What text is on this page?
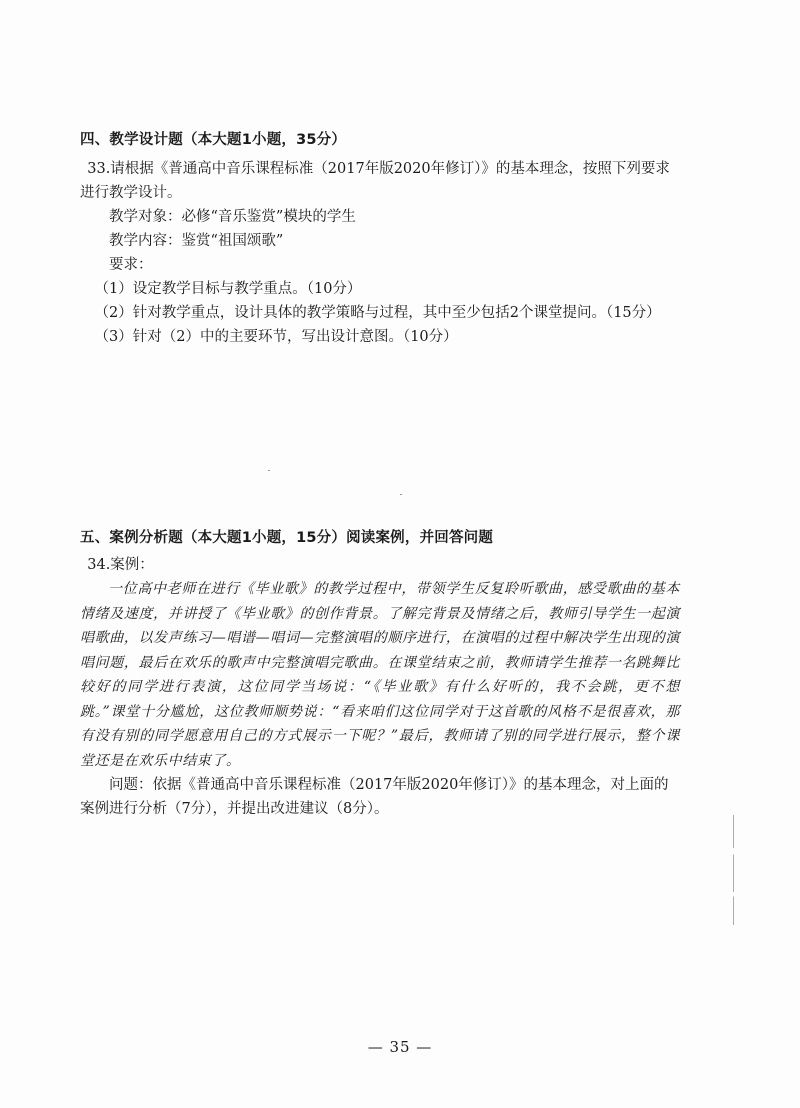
四、教学设计题（本大题1小题，35分）

33.请根据《普通高中音乐课程标准（2017年版2020年修订）》的基本理念，按照下列要求进行教学设计。

教学对象：必修“音乐鉴赏”模块的学生

教学内容：鉴赏“祖国颂歌”

要求：

（1）设定教学目标与教学重点。（10分）

（2）针对教学重点，设计具体的教学策略与过程，其中至少包括2个课堂提问。（15分）

（3）针对（2）中的主要环节，写出设计意图。（10分）

五、案例分析题（本大题1小题，15分）阅读案例，并回答问题

34.案例：

一位高中老师在进行《毕业歌》的教学过程中，带领学生反复聆听歌曲，感受歌曲的基本情绪及速度，并讲授了《毕业歌》的创作背景。了解完背景及情绪之后，教师引导学生一起演唱歌曲，以发声练习—唱谱—唱词—完整演唱的顺序进行，在演唱的过程中解决学生出现的演唱问题，最后在欢乐的歌声中完整演唱完歌曲。在课堂结束之前，教师请学生推荐一名跳舞比较好的同学进行表演，这位同学当场说：“《毕业歌》有什么好听的，我不会跳，更不想跳。”课堂十分尴尬，这位教师顺势说：“看来咱们这位同学对于这首歌的风格不是很喜欢，那有没有别的同学愿意用自己的方式展示一下呢？”最后，教师请了别的同学进行展示，整个课堂还是在欢乐中结束了。

问题：依据《普通高中音乐课程标准（2017年版2020年修订）》的基本理念，对上面的案例进行分析（7分），并提出改进建议（8分）。

— 35 —
